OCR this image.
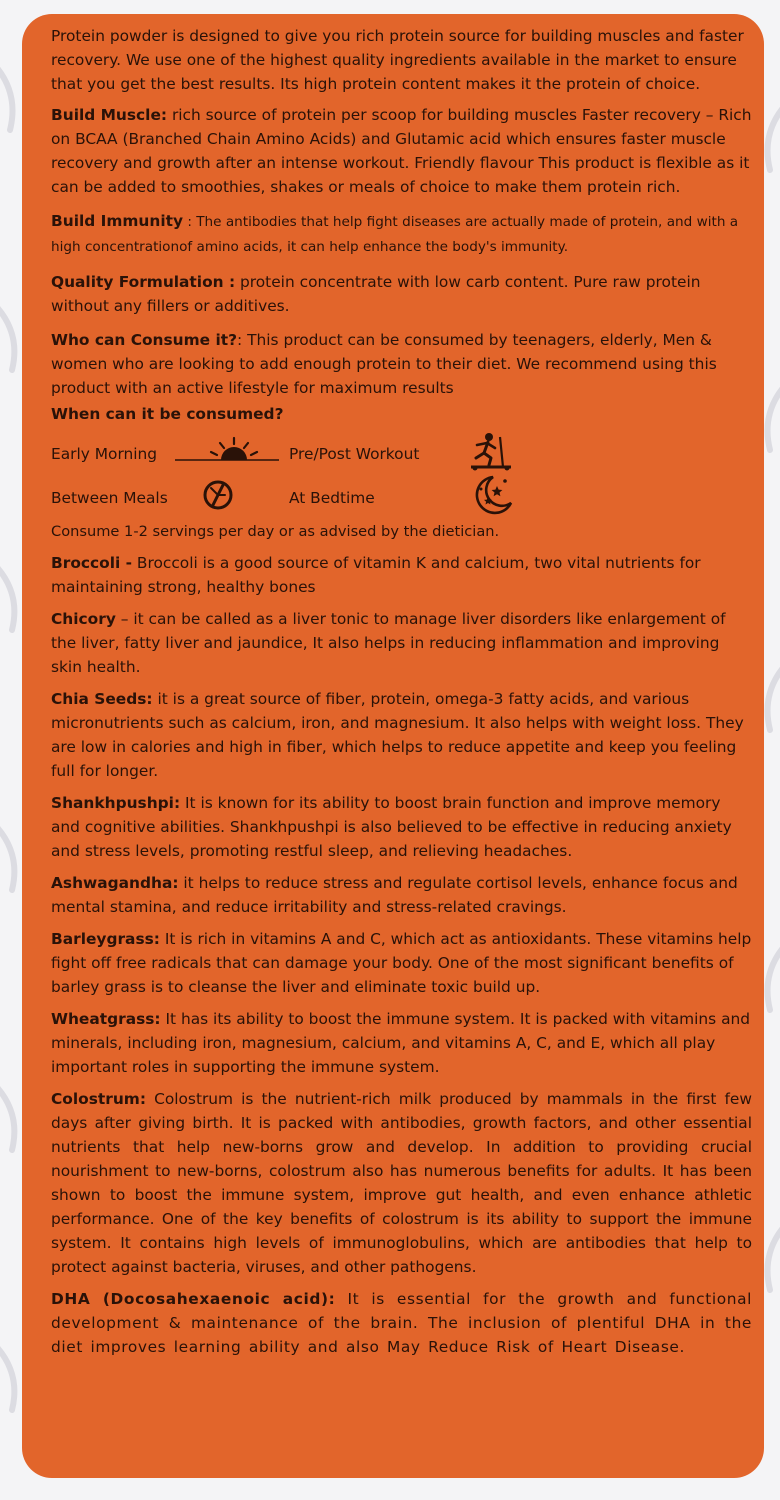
Protein powder is designed to give you rich protein source for building muscles and faster recovery. We use one of the highest quality ingredients available in the market to ensure that you get the best results. Its high protein content makes it the protein of choice.

Build Muscle: rich source of protein per scoop for building muscles Faster recovery – Rich on BCAA (Branched Chain Amino Acids) and Glutamic acid which ensures faster muscle recovery and growth after an intense workout. Friendly flavour This product is flexible as it can be added to smoothies, shakes or meals of choice to make them protein rich.

Build Immunity : The antibodies that help fight diseases are actually made of protein, and with a high concentrationof amino acids, it can help enhance the body's immunity.

Quality Formulation : protein concentrate with low carb content. Pure raw protein without any fillers or additives.

Who can Consume it?: This product can be consumed by teenagers, elderly, Men & women who are looking to add enough protein to their diet. We recommend using this product with an active lifestyle for maximum results

When can it be consumed?
Early Morning	Pre/Post Workout
Between Meals	At Bedtime

Consume 1-2 servings per day or as advised by the dietician.

Broccoli - Broccoli is a good source of vitamin K and calcium, two vital nutrients for maintaining strong, healthy bones

Chicory – it can be called as a liver tonic to manage liver disorders like enlargement of the liver, fatty liver and jaundice, It also helps in reducing inflammation and improving skin health.

Chia Seeds: it is a great source of fiber, protein, omega-3 fatty acids, and various micronutrients such as calcium, iron, and magnesium. It also helps with weight loss. They are low in calories and high in fiber, which helps to reduce appetite and keep you feeling full for longer.

Shankhpushpi: It is known for its ability to boost brain function and improve memory and cognitive abilities. Shankhpushpi is also believed to be effective in reducing anxiety and stress levels, promoting restful sleep, and relieving headaches.

Ashwagandha: it helps to reduce stress and regulate cortisol levels, enhance focus and mental stamina, and reduce irritability and stress-related cravings.

Barleygrass: It is rich in vitamins A and C, which act as antioxidants. These vitamins help fight off free radicals that can damage your body. One of the most significant benefits of barley grass is to cleanse the liver and eliminate toxic build up.

Wheatgrass: It has its ability to boost the immune system. It is packed with vitamins and minerals, including iron, magnesium, calcium, and vitamins A, C, and E, which all play important roles in supporting the immune system.

Colostrum: Colostrum is the nutrient-rich milk produced by mammals in the first few days after giving birth. It is packed with antibodies, growth factors, and other essential nutrients that help new-borns grow and develop. In addition to providing crucial nourishment to new-borns, colostrum also has numerous benefits for adults. It has been shown to boost the immune system, improve gut health, and even enhance athletic performance. One of the key benefits of colostrum is its ability to support the immune system. It contains high levels of immunoglobulins, which are antibodies that help to protect against bacteria, viruses, and other pathogens.

DHA (Docosahexaenoic acid): It is essential for the growth and functional development & maintenance of the brain. The inclusion of plentiful DHA in the diet improves learning ability and also May Reduce Risk of Heart Disease.
